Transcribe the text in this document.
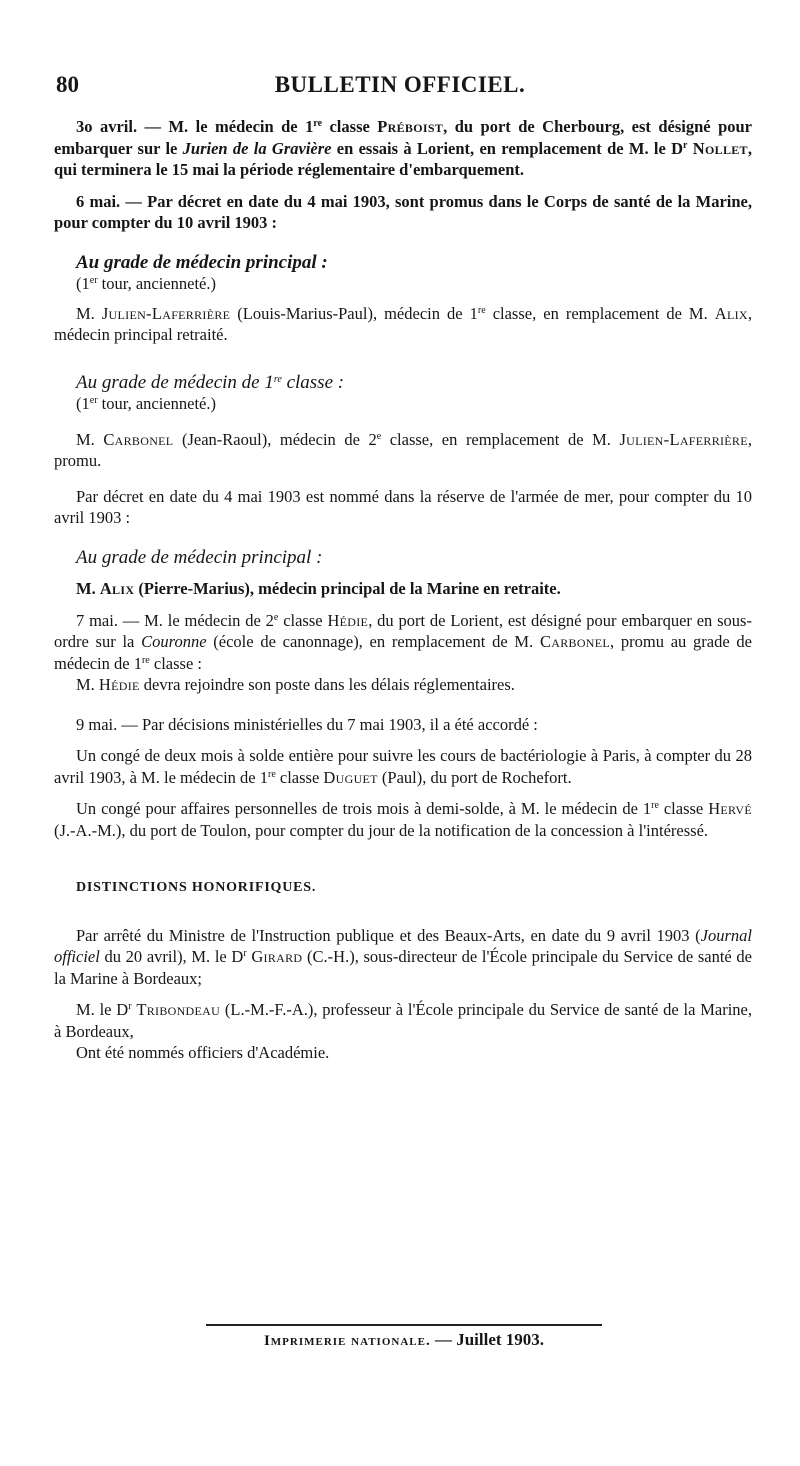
80	BULLETIN OFFICIEL.

3o avril. — M. le médecin de 1re classe Préboist, du port de Cherbourg, est désigné pour embarquer sur le Jurien de la Gravière en essais à Lorient, en remplacement de M. le $D^r$ Nollet, qui terminera le 15 mai la période réglementaire d'embarquement.

6 mai. — Par décret en date du 4 mai 1903, sont promus dans le Corps de santé de la Marine, pour compter du 10 avril 1903 :

Au grade de médecin principal :

(1er tour, ancienneté.)

M. Julien-Laferrière (Louis-Marius-Paul), médecin de 1re classe, en remplacement de M. Alix, médecin principal retraité.

Au grade de médecin de 1re classe :

(1er tour, ancienneté.)

M. Carbonel (Jean-Raoul), médecin de 2e classe, en remplacement de M. Julien-Laferrière, promu.

Par décret en date du 4 mai 1903 est nommé dans la réserve de l'armée de mer, pour compter du 10 avril 1903 :

Au grade de médecin principal :

M. Alix (Pierre-Marius), médecin principal de la Marine en retraite.

7 mai. — M. le médecin de 2e classe Hédie, du port de Lorient, est désigné pour embarquer en sous-ordre sur la Couronne (école de canonnage), en remplacement de M. Carbonel, promu au grade de médecin de 1re classe :

M. Hédie devra rejoindre son poste dans les délais réglementaires.

9 mai. — Par décisions ministérielles du 7 mai 1903, il a été accordé :

Un congé de deux mois à solde entière pour suivre les cours de bactériologie à Paris, à compter du 28 avril 1903, à M. le médecin de 1re classe Duguet (Paul), du port de Rochefort.

Un congé pour affaires personnelles de trois mois à demi-solde, à M. le médecin de 1re classe Hervé (J.-A.-M.), du port de Toulon, pour compter du jour de la notification de la concession à l'intéressé.

DISTINCTIONS HONORIFIQUES.

Par arrêté du Ministre de l'Instruction publique et des Beaux-Arts, en date du 9 avril 1903 (Journal officiel du 20 avril), M. le $D^r$ Girard (C.-H.), sous-directeur de l'École principale du Service de santé de la Marine à Bordeaux;

M. le $D^r$ Tribondeau (L.-M.-F.-A.), professeur à l'École principale du Service de santé de la Marine, à Bordeaux,

Ont été nommés officiers d'Académie.

Imprimerie nationale. — Juillet 1903.
